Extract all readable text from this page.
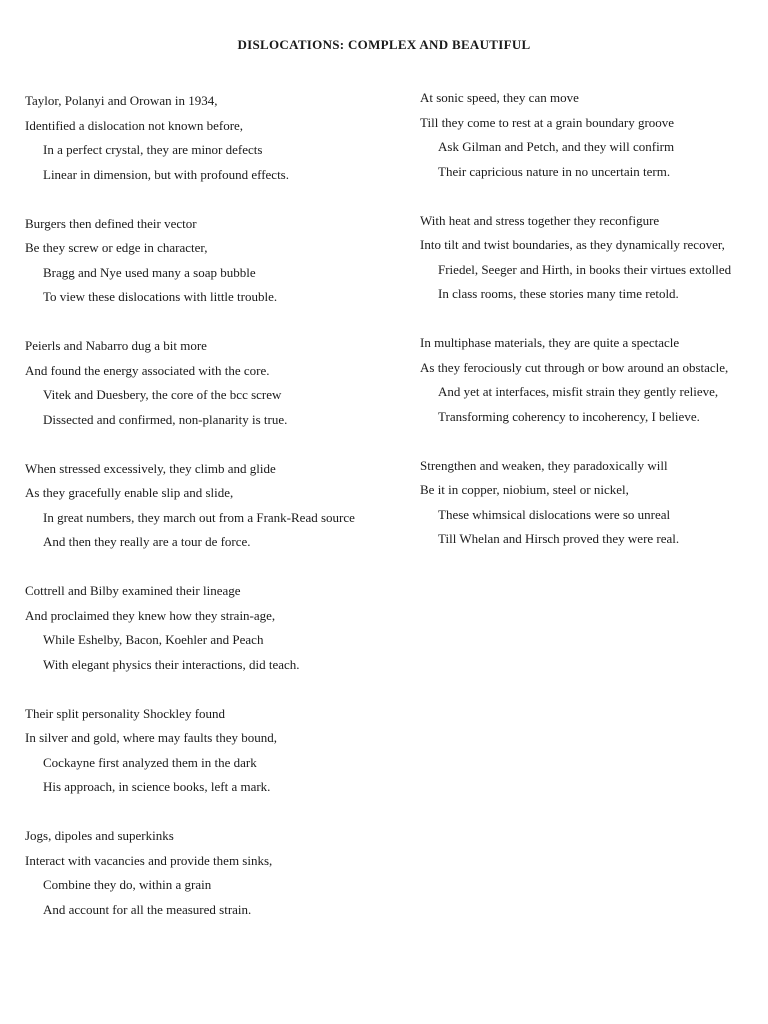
DISLOCATIONS: COMPLEX AND BEAUTIFUL

Taylor, Polanyi and Orowan in 1934,

Identified a dislocation not known before,

In a perfect crystal, they are minor defects

Linear in dimension, but with profound effects.

Burgers then defined their vector

Be they screw or edge in character,

Bragg and Nye used many a soap bubble

To view these dislocations with little trouble.

Peierls and Nabarro dug a bit more

And found the energy associated with the core.

Vitek and Duesbery, the core of the bcc screw

Dissected and confirmed, non-planarity is true.

When stressed excessively, they climb and glide

As they gracefully enable slip and slide,

In great numbers, they march out from a Frank-Read source

And then they really are a tour de force.

Cottrell and Bilby examined their lineage

And proclaimed they knew how they strain-age,

While Eshelby, Bacon, Koehler and Peach

With elegant physics their interactions, did teach.

Their split personality Shockley found

In silver and gold, where may faults they bound,

Cockayne first analyzed them in the dark

His approach, in science books, left a mark.

Jogs, dipoles and superkinks

Interact with vacancies and provide them sinks,

Combine they do, within a grain

And account for all the measured strain.

At sonic speed, they can move

Till they come to rest at a grain boundary groove

Ask Gilman and Petch, and they will confirm

Their capricious nature in no uncertain term.

With heat and stress together they reconfigure

Into tilt and twist boundaries, as they dynamically recover,

Friedel, Seeger and Hirth, in books their virtues extolled

In class rooms, these stories many time retold.

In multiphase materials, they are quite a spectacle

As they ferociously cut through or bow around an obstacle,

And yet at interfaces, misfit strain they gently relieve,

Transforming coherency to incoherency, I believe.

Strengthen and weaken, they paradoxically will

Be it in copper, niobium, steel or nickel,

These whimsical dislocations were so unreal

Till Whelan and Hirsch proved they were real.
